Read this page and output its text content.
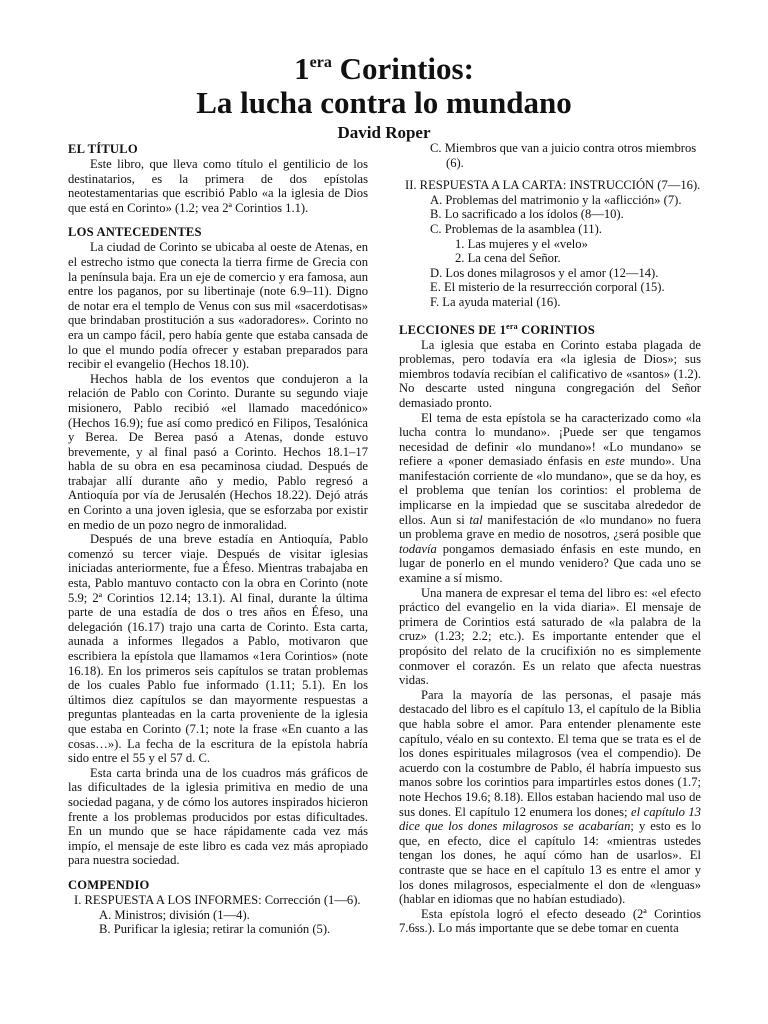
$1^{era}$ Corintios:
La lucha contra lo mundano
David Roper
EL TÍTULO

Este libro, que lleva como título el gentilicio de los destinatarios, es la primera de dos epístolas neotestamentarias que escribió Pablo «a la iglesia de Dios que está en Corinto» (1.2; vea 2ª Corintios 1.1).

LOS ANTECEDENTES

La ciudad de Corinto se ubicaba al oeste de Atenas, en el estrecho istmo que conecta la tierra firme de Grecia con la península baja. Era un eje de comercio y era famosa, aun entre los paganos, por su libertinaje (note 6.9–11). Digno de notar era el templo de Venus con sus mil «sacerdotisas» que brindaban prostitución a sus «adoradores». Corinto no era un campo fácil, pero había gente que estaba cansada de lo que el mundo podía ofrecer y estaban preparados para recibir el evangelio (Hechos 18.10).

Hechos habla de los eventos que condujeron a la relación de Pablo con Corinto. Durante su segundo viaje misionero, Pablo recibió «el llamado macedónico» (Hechos 16.9); fue así como predicó en Filipos, Tesalónica y Berea. De Berea pasó a Atenas, donde estuvo brevemente, y al final pasó a Corinto. Hechos 18.1–17 habla de su obra en esa pecaminosa ciudad. Después de trabajar allí durante año y medio, Pablo regresó a Antioquía por vía de Jerusalén (Hechos 18.22). Dejó atrás en Corinto a una joven iglesia, que se esforzaba por existir en medio de un pozo negro de inmoralidad.

Después de una breve estadía en Antioquía, Pablo comenzó su tercer viaje. Después de visitar iglesias iniciadas anteriormente, fue a Éfeso. Mientras trabajaba en esta, Pablo mantuvo contacto con la obra en Corinto (note 5.9; 2ª Corintios 12.14; 13.1). Al final, durante la última parte de una estadía de dos o tres años en Éfeso, una delegación (16.17) trajo una carta de Corinto. Esta carta, aunada a informes llegados a Pablo, motivaron que escribiera la epístola que llamamos «1era Corintios» (note 16.18). En los primeros seis capítulos se tratan problemas de los cuales Pablo fue informado (1.11; 5.1). En los últimos diez capítulos se dan mayormente respuestas a preguntas planteadas en la carta proveniente de la iglesia que estaba en Corinto (7.1; note la frase «En cuanto a las cosas…»). La fecha de la escritura de la epístola habría sido entre el 55 y el 57 d. C.

Esta carta brinda una de los cuadros más gráficos de las dificultades de la iglesia primitiva en medio de una sociedad pagana, y de cómo los autores inspirados hicieron frente a los problemas producidos por estas dificultades. En un mundo que se hace rápidamente cada vez más impío, el mensaje de este libro es cada vez más apropiado para nuestra sociedad.

COMPENDIO
I. RESPUESTA A LOS INFORMES: Corrección (1—6).
A. Ministros; división (1—4).
B. Purificar la iglesia; retirar la comunión (5).
C. Miembros que van a juicio contra otros miembros (6).
II. RESPUESTA A LA CARTA: INSTRUCCIÓN (7—16).
A. Problemas del matrimonio y la «aflicción» (7).
B. Lo sacrificado a los ídolos (8—10).
C. Problemas de la asamblea (11).
1. Las mujeres y el «velo»
2. La cena del Señor.
D. Los dones milagrosos y el amor (12—14).
E. El misterio de la resurrección corporal (15).
F. La ayuda material (16).
LECCIONES DE $1^{era}$ CORINTIOS

La iglesia que estaba en Corinto estaba plagada de problemas, pero todavía era «la iglesia de Dios»; sus miembros todavía recibían el calificativo de «santos» (1.2). No descarte usted ninguna congregación del Señor demasiado pronto.

El tema de esta epístola se ha caracterizado como «la lucha contra lo mundano». ¡Puede ser que tengamos necesidad de definir «lo mundano»! «Lo mundano» se refiere a «poner demasiado énfasis en este mundo». Una manifestación corriente de «lo mundano», que se da hoy, es el problema que tenían los corintios: el problema de implicarse en la impiedad que se suscitaba alrededor de ellos. Aun si tal manifestación de «lo mundano» no fuera un problema grave en medio de nosotros, ¿será posible que todavía pongamos demasiado énfasis en este mundo, en lugar de ponerlo en el mundo venidero? Que cada uno se examine a sí mismo.

Una manera de expresar el tema del libro es: «el efecto práctico del evangelio en la vida diaria». El mensaje de primera de Corintios está saturado de «la palabra de la cruz» (1.23; 2.2; etc.). Es importante entender que el propósito del relato de la crucifixión no es simplemente conmover el corazón. Es un relato que afecta nuestras vidas.

Para la mayoría de las personas, el pasaje más destacado del libro es el capítulo 13, el capítulo de la Biblia que habla sobre el amor. Para entender plenamente este capítulo, véalo en su contexto. El tema que se trata es el de los dones espirituales milagrosos (vea el compendio). De acuerdo con la costumbre de Pablo, él habría impuesto sus manos sobre los corintios para impartirles estos dones (1.7; note Hechos 19.6; 8.18). Ellos estaban haciendo mal uso de sus dones. El capítulo 12 enumera los dones; el capítulo 13 dice que los dones milagrosos se acabarían; y esto es lo que, en efecto, dice el capítulo 14: «mientras ustedes tengan los dones, he aquí cómo han de usarlos». El contraste que se hace en el capítulo 13 es entre el amor y los dones milagrosos, especialmente el don de «lenguas» (hablar en idiomas que no habían estudiado).

Esta epístola logró el efecto deseado (2ª Corintios 7.6ss.). Lo más importante que se debe tomar en cuenta
